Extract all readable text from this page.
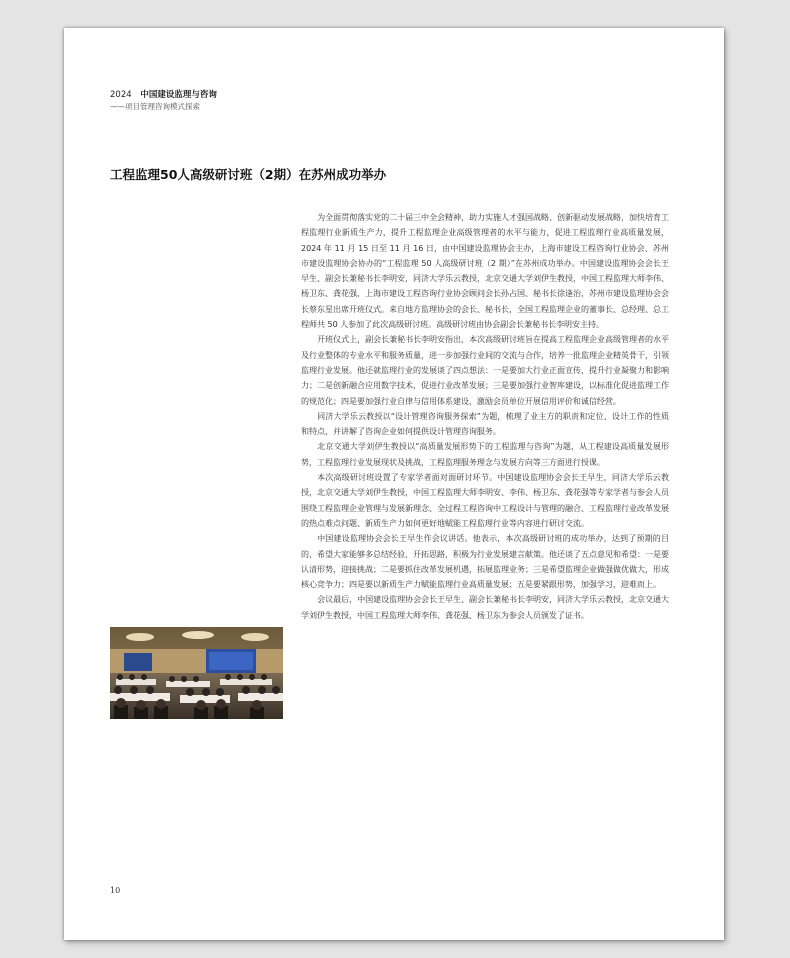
2024 中国建设监理与咨询
——项目管理咨询模式探索
工程监理50人高级研讨班（2期）在苏州成功举办

为全面贯彻落实党的二十届三中全会精神，助力实施人才强国战略、创新驱动发展战略，加快培育工程监理行业新质生产力，提升工程监理企业高级管理者的水平与能力，促进工程监理行业高质量发展，2024 年 11 月 15 日至 11 月 16 日，由中国建设监理协会主办，上海市建设工程咨询行业协会、苏州市建设监理协会协办的“工程监理 50 人高级研讨班（2 期）”在苏州成功举办。中国建设监理协会会长王早生、副会长兼秘书长李明安，同济大学乐云教授，北京交通大学刘伊生教授，中国工程监理大师李伟、杨卫东、龚花强，上海市建设工程咨询行业协会顾问会长孙占国、秘书长徐逢治，苏州市建设监理协会会长蔡东星出席开班仪式。来自地方监理协会的会长、秘书长，全国工程监理企业的董事长、总经理、总工程师共 50 人参加了此次高级研讨班。高级研讨班由协会副会长兼秘书长李明安主持。

开班仪式上，副会长兼秘书长李明安指出，本次高级研讨班旨在提高工程监理企业高级管理者的水平及行业整体的专业水平和服务质量，进一步加强行业间的交流与合作，培养一批监理企业精英骨干，引领监理行业发展。他还就监理行业的发展谈了四点想法：一是要加大行业正面宣传，提升行业凝聚力和影响力；二是创新融合应用数字技术，促进行业改革发展；三是要加强行业智库建设，以标准化促进监理工作的规范化；四是要加强行业自律与信用体系建设，激励会员单位开展信用评价和诚信经营。

同济大学乐云教授以“设计管理咨询服务探索”为题，梳理了业主方的职责和定位、设计工作的性质和特点，并讲解了咨询企业如何提供设计管理咨询服务。

北京交通大学刘伊生教授以“高质量发展形势下的工程监理与咨询”为题，从工程建设高质量发展形势，工程监理行业发展现状及挑战，工程监理服务理念与发展方向等三方面进行授课。

本次高级研讨班设置了专家学者面对面研讨环节。中国建设监理协会会长王早生，同济大学乐云教授，北京交通大学刘伊生教授，中国工程监理大师李明安、李伟、杨卫东、龚花强等专家学者与参会人员围绕工程监理企业管理与发展新理念、全过程工程咨询中工程设计与管理的融合、工程监理行业改革发展的热点难点问题、新质生产力如何更好地赋能工程监理行业等内容进行研讨交流。

中国建设监理协会会长王早生作会议讲话。他表示，本次高级研讨班的成功举办，达到了预期的目的，希望大家能够多总结经验，开拓思路，积极为行业发展建言献策。他还谈了五点意见和希望：一是要认清形势，迎接挑战；二是要抓住改革发展机遇，拓展监理业务；三是希望监理企业做强做优做大，形成核心竞争力；四是要以新质生产力赋能监理行业高质量发展；五是要紧跟形势，加强学习，迎难而上。

会议最后，中国建设监理协会会长王早生、副会长兼秘书长李明安，同济大学乐云教授，北京交通大学刘伊生教授，中国工程监理大师李伟、龚花强、杨卫东为参会人员颁发了证书。

10
